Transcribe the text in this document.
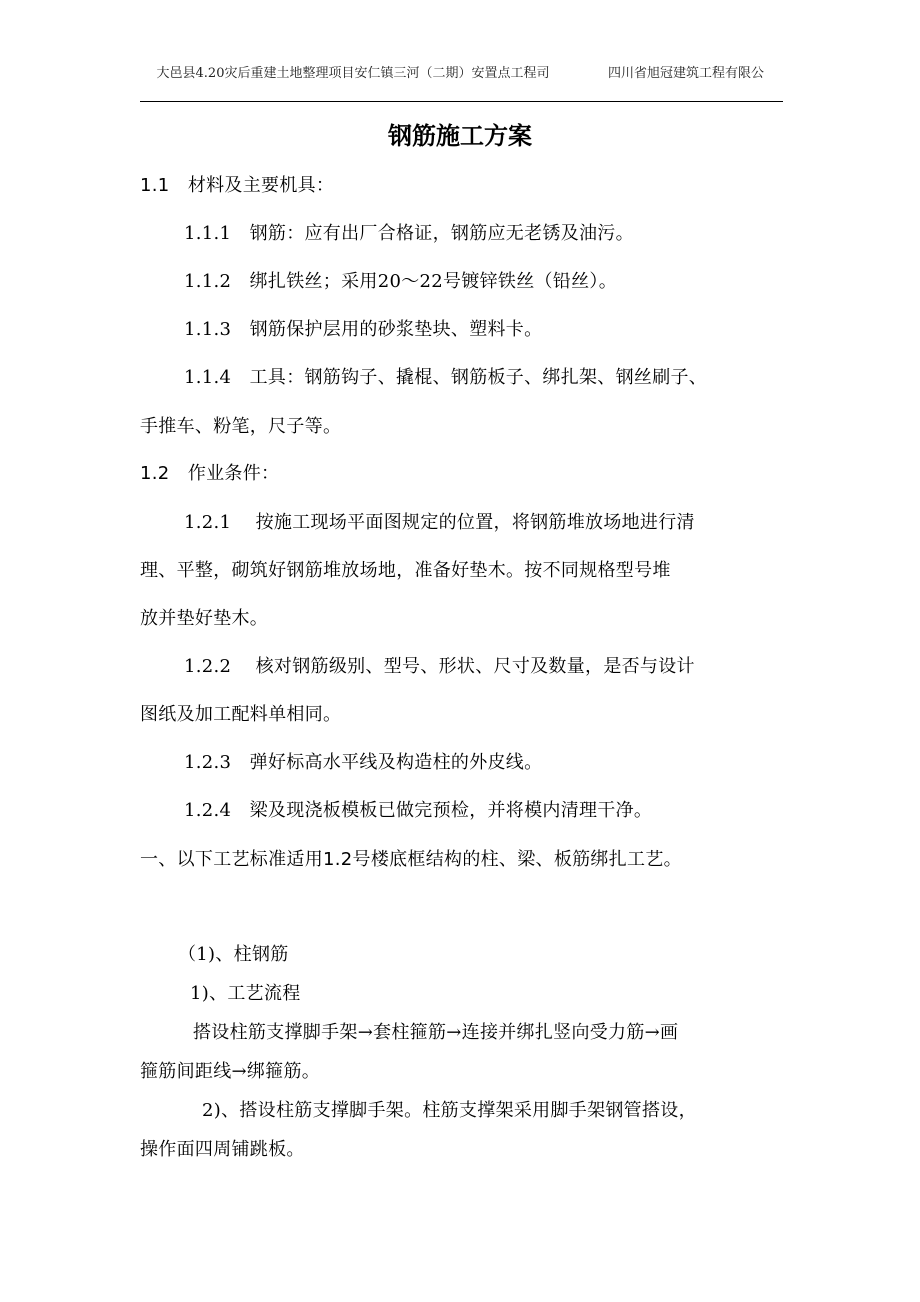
大邑县4.20灾后重建土地整理项目安仁镇三河（二期）安置点工程司	四川省旭冠建筑工程有限公
钢筋施工方案
1.1　材料及主要机具：
1.1.1　钢筋：应有出厂合格证，钢筋应无老锈及油污。
1.1.2　绑扎铁丝；采用20～22号镀锌铁丝（铅丝）。
1.1.3　钢筋保护层用的砂浆垫块、塑料卡。
1.1.4　工具：钢筋钩子、撬棍、钢筋板子、绑扎架、钢丝刷子、
手推车、粉笔，尺子等。
1.2　作业条件：
1.2.1　 按施工现场平面图规定的位置，将钢筋堆放场地进行清
理、平整，砌筑好钢筋堆放场地，准备好垫木。按不同规格型号堆
放并垫好垫木。
1.2.2　 核对钢筋级别、型号、形状、尺寸及数量，是否与设计
图纸及加工配料单相同。
1.2.3　弹好标高水平线及构造柱的外皮线。
1.2.4　梁及现浇板模板已做完预检，并将模内清理干净。
一、以下工艺标准适用1.2号楼底框结构的柱、梁、板筋绑扎工艺。
（1)、柱钢筋
1)、工艺流程
搭设柱筋支撑脚手架→套柱箍筋→连接并绑扎竖向受力筋→画
箍筋间距线→绑箍筋。
2)、搭设柱筋支撑脚手架。柱筋支撑架采用脚手架钢管搭设，
操作面四周铺跳板。
